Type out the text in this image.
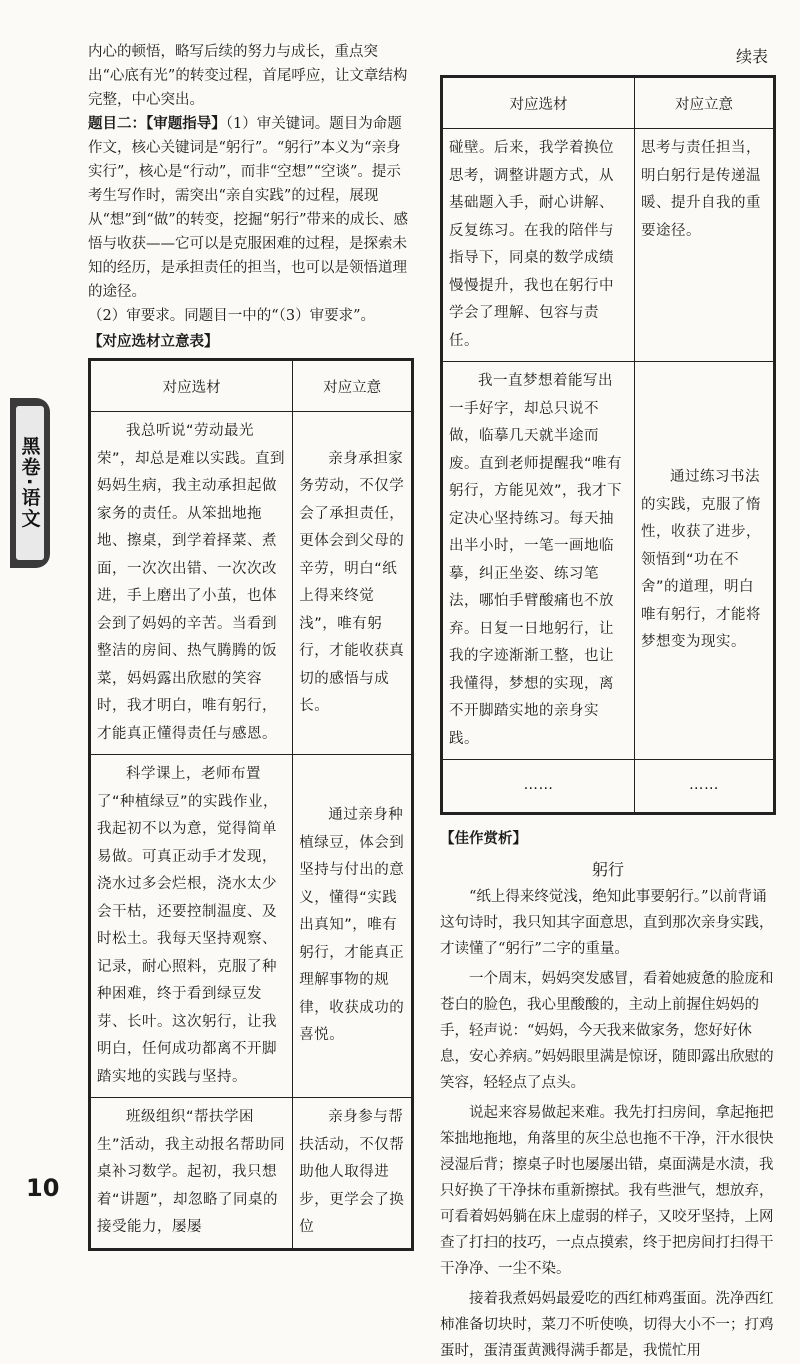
内心的顿悟，略写后续的努力与成长，重点突出“心底有光”的转变过程，首尾呼应，让文章结构完整，中心突出。

题目二：【审题指导】（1）审关键词。题目为命题作文，核心关键词是“躬行”。“躬行”本义为“亲身实行”，核心是“行动”，而非“空想”“空谈”。提示考生写作时，需突出“亲自实践”的过程，展现从“想”到“做”的转变，挖掘“躬行”带来的成长、感悟与收获——它可以是克服困难的过程，是探索未知的经历，是承担责任的担当，也可以是领悟道理的途径。

（2）审要求。同题目一中的“（3）审要求”。

【对应选材立意表】
对应选材	对应立意

我总听说“劳动最光荣”，却总是难以实践。直到妈妈生病，我主动承担起做家务的责任。从笨拙地拖地、擦桌，到学着择菜、煮面，一次次出错、一次次改进，手上磨出了小茧，也体会到了妈妈的辛苦。当看到整洁的房间、热气腾腾的饭菜，妈妈露出欣慰的笑容时，我才明白，唯有躬行，才能真正懂得责任与感恩。	亲身承担家务劳动，不仅学会了承担责任，更体会到父母的辛劳，明白“纸上得来终觉浅”，唯有躬行，才能收获真切的感悟与成长。

科学课上，老师布置了“种植绿豆”的实践作业，我起初不以为意，觉得简单易做。可真正动手才发现，浇水过多会烂根，浇水太少会干枯，还要控制温度、及时松土。我每天坚持观察、记录，耐心照料，克服了种种困难，终于看到绿豆发芽、长叶。这次躬行，让我明白，任何成功都离不开脚踏实地的实践与坚持。	通过亲身种植绿豆，体会到坚持与付出的意义，懂得“实践出真知”，唯有躬行，才能真正理解事物的规律，收获成功的喜悦。

班级组织“帮扶学困生”活动，我主动报名帮助同桌补习数学。起初，我只想着“讲题”，却忽略了同桌的接受能力，屡屡	亲身参与帮扶活动，不仅帮助他人取得进步，更学会了换位
续表
对应选材	对应立意
碰壁。后来，我学着换位思考，调整讲题方式，从基础题入手，耐心讲解、反复练习。在我的陪伴与指导下，同桌的数学成绩慢慢提升，我也在躬行中学会了理解、包容与责任。	思考与责任担当，明白躬行是传递温暖、提升自我的重要途径。

我一直梦想着能写出一手好字，却总只说不做，临摹几天就半途而废。直到老师提醒我“唯有躬行，方能见效”，我才下定决心坚持练习。每天抽出半小时，一笔一画地临摹，纠正坐姿、练习笔法，哪怕手臂酸痛也不放弃。日复一日地躬行，让我的字迹渐渐工整，也让我懂得，梦想的实现，离不开脚踏实地的亲身实践。	通过练习书法的实践，克服了惰性，收获了进步，领悟到“功在不舍”的道理，明白唯有躬行，才能将梦想变为现实。

……	……
【佳作赏析】
躬行

“纸上得来终觉浅，绝知此事要躬行。”以前背诵这句诗时，我只知其字面意思，直到那次亲身实践，才读懂了“躬行”二字的重量。

一个周末，妈妈突发感冒，看着她疲惫的脸庞和苍白的脸色，我心里酸酸的，主动上前握住妈妈的手，轻声说：“妈妈，今天我来做家务，您好好休息，安心养病。”妈妈眼里满是惊讶，随即露出欣慰的笑容，轻轻点了点头。

说起来容易做起来难。我先打扫房间，拿起拖把笨拙地拖地，角落里的灰尘总也拖不干净，汗水很快浸湿后背；擦桌子时也屡屡出错，桌面满是水渍，我只好换了干净抹布重新擦拭。我有些泄气，想放弃，可看着妈妈躺在床上虚弱的样子，又咬牙坚持，上网查了打扫的技巧，一点点摸索，终于把房间打扫得干干净净、一尘不染。

接着我煮妈妈最爱吃的西红柿鸡蛋面。洗净西红柿准备切块时，菜刀不听使唤，切得大小不一；打鸡蛋时，蛋清蛋黄溅得满手都是，我慌忙用

黑卷·语文
10
